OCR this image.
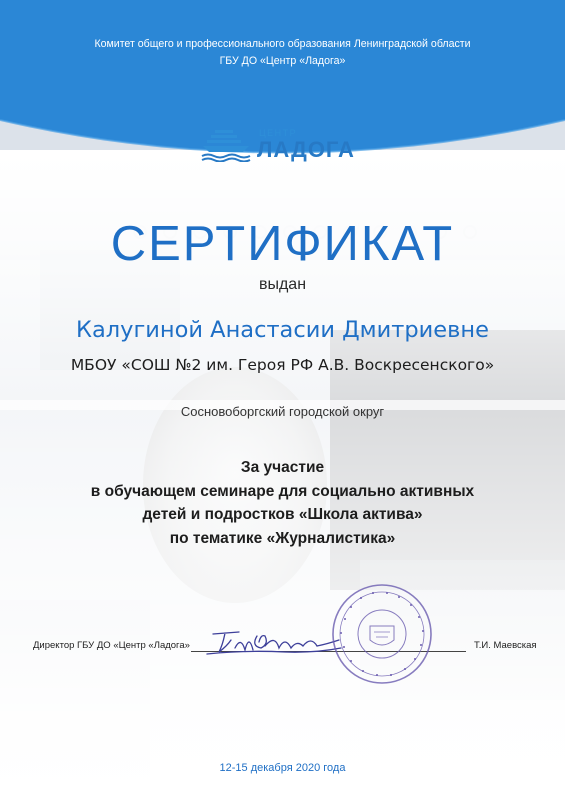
Комитет общего и профессионального образования Ленинградской области
ГБУ ДО «Центр «Ладога»
ЦЕНТР
ЛАДОГА
СЕРТИФИКАТ
выдан
Калугиной Анастасии Дмитриевне
МБОУ «СОШ №2 им. Героя РФ А.В. Воскресенского»
Сосновоборгский городской округ
За участие
в обучающем семинаре для социально активных
детей и подростков «Школа актива»
по тематике «Журналистика»
Директор ГБУ ДО «Центр «Ладога»	Т.И. Маевская
12-15 декабря 2020 года
